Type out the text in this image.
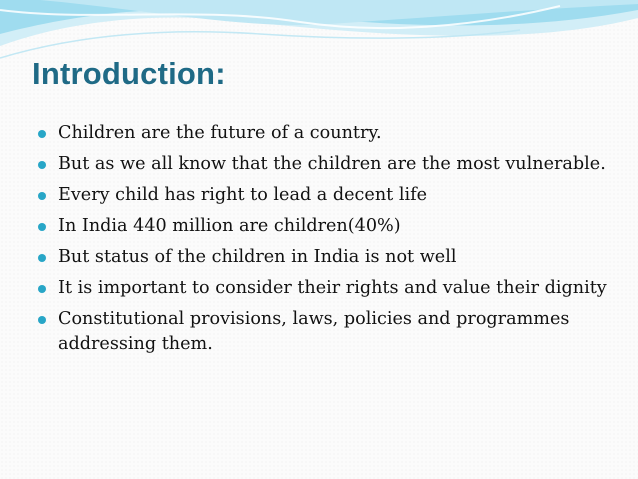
Introduction:
Children are the future of a country.
But as we all know that the children are the most vulnerable.
Every child has right to lead a decent life
In India 440 million are children(40%)
But status of the children in India is not well
It is important to consider their rights and value their dignity
Constitutional provisions, laws, policies and programmes addressing them.
